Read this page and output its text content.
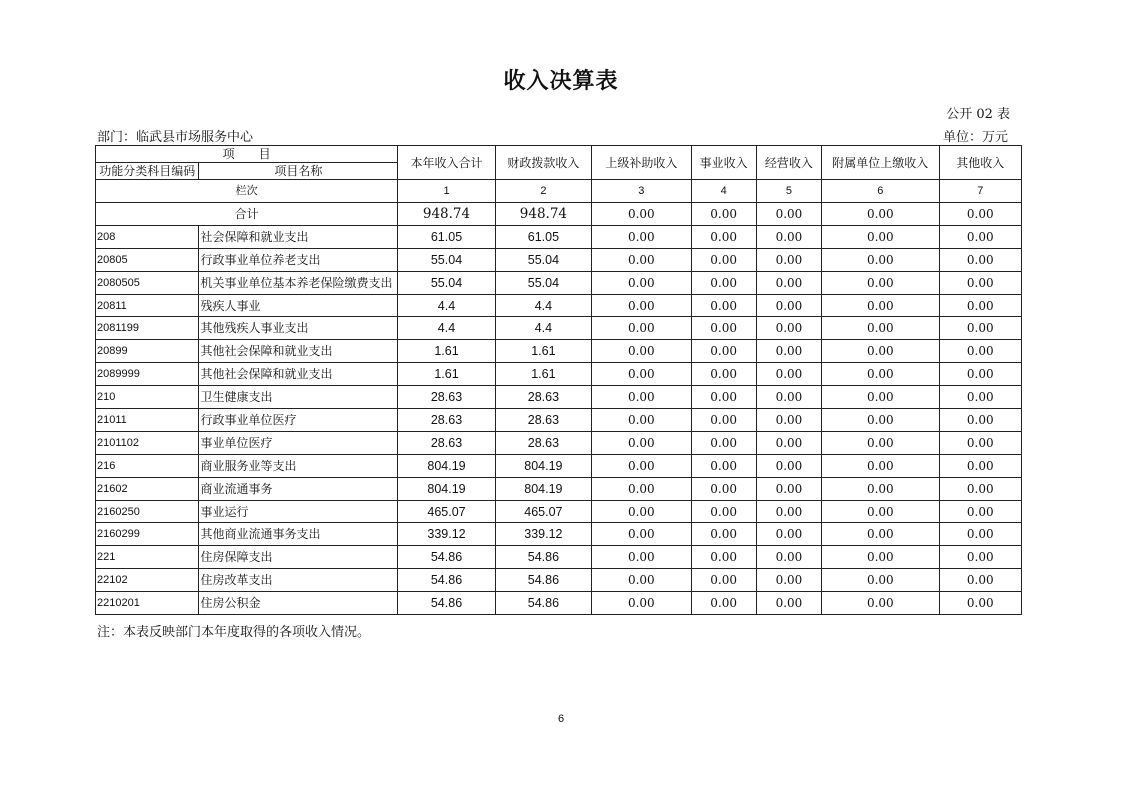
收入决算表
公开 02 表
部门：临武县市场服务中心	单位：万元
项　　目		本年收入合计	财政拨款收入	上级补助收入	事业收入	经营收入	附属单位上缴收入	其他收入
功能分类科目编码	项目名称							
栏次		1	2	3	4	5	6	7
合计		948.74	948.74	0.00	0.00	0.00	0.00	0.00
208	社会保障和就业支出	61.05	61.05	0.00	0.00	0.00	0.00	0.00
20805	行政事业单位养老支出	55.04	55.04	0.00	0.00	0.00	0.00	0.00
2080505	机关事业单位基本养老保险缴费支出	55.04	55.04	0.00	0.00	0.00	0.00	0.00
20811	残疾人事业	4.4	4.4	0.00	0.00	0.00	0.00	0.00
2081199	其他残疾人事业支出	4.4	4.4	0.00	0.00	0.00	0.00	0.00
20899	其他社会保障和就业支出	1.61	1.61	0.00	0.00	0.00	0.00	0.00
2089999	其他社会保障和就业支出	1.61	1.61	0.00	0.00	0.00	0.00	0.00
210	卫生健康支出	28.63	28.63	0.00	0.00	0.00	0.00	0.00
21011	行政事业单位医疗	28.63	28.63	0.00	0.00	0.00	0.00	0.00
2101102	事业单位医疗	28.63	28.63	0.00	0.00	0.00	0.00	0.00
216	商业服务业等支出	804.19	804.19	0.00	0.00	0.00	0.00	0.00
21602	商业流通事务	804.19	804.19	0.00	0.00	0.00	0.00	0.00
2160250	事业运行	465.07	465.07	0.00	0.00	0.00	0.00	0.00
2160299	其他商业流通事务支出	339.12	339.12	0.00	0.00	0.00	0.00	0.00
221	住房保障支出	54.86	54.86	0.00	0.00	0.00	0.00	0.00
22102	住房改革支出	54.86	54.86	0.00	0.00	0.00	0.00	0.00
2210201	住房公积金	54.86	54.86	0.00	0.00	0.00	0.00	0.00
注：本表反映部门本年度取得的各项收入情况。
6
